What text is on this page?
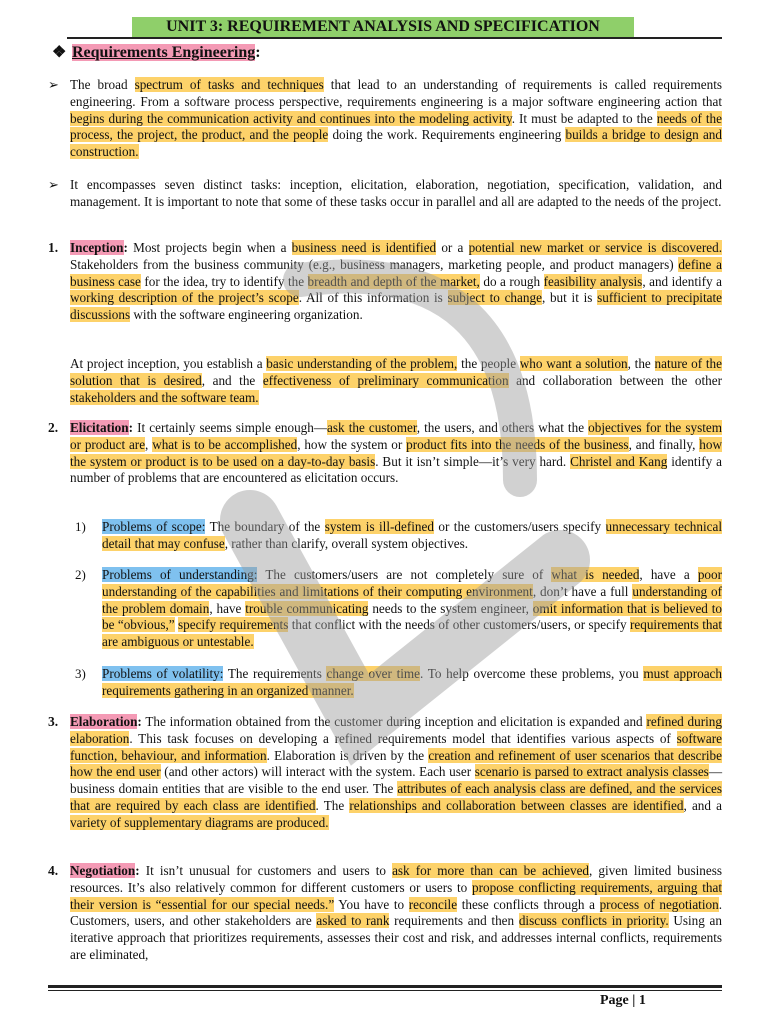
UNIT 3: REQUIREMENT ANALYSIS AND SPECIFICATION
❖ Requirements Engineering:
➢ The broad spectrum of tasks and techniques that lead to an understanding of requirements is called requirements engineering. From a software process perspective, requirements engineering is a major software engineering action that begins during the communication activity and continues into the modeling activity. It must be adapted to the needs of the process, the project, the product, and the people doing the work. Requirements engineering builds a bridge to design and construction.
➢ It encompasses seven distinct tasks: inception, elicitation, elaboration, negotiation, specification, validation, and management. It is important to note that some of these tasks occur in parallel and all are adapted to the needs of the project.
1. Inception: Most projects begin when a business need is identified or a potential new market or service is discovered. Stakeholders from the business community (e.g., business managers, marketing people, and product managers) define a business case for the idea, try to identify the breadth and depth of the market, do a rough feasibility analysis, and identify a working description of the project’s scope. All of this information is subject to change, but it is sufficient to precipitate discussions with the software engineering organization.
At project inception, you establish a basic understanding of the problem, the people who want a solution, the nature of the solution that is desired, and the effectiveness of preliminary communication and collaboration between the other stakeholders and the software team.
2. Elicitation: It certainly seems simple enough—ask the customer, the users, and others what the objectives for the system or product are, what is to be accomplished, how the system or product fits into the needs of the business, and finally, how the system or product is to be used on a day-to-day basis. But it isn’t simple—it’s very hard. Christel and Kang identify a number of problems that are encountered as elicitation occurs.
1) Problems of scope: The boundary of the system is ill-defined or the customers/users specify unnecessary technical detail that may confuse, rather than clarify, overall system objectives.
2) Problems of understanding: The customers/users are not completely sure of what is needed, have a poor understanding of the capabilities and limitations of their computing environment, don’t have a full understanding of the problem domain, have trouble communicating needs to the system engineer, omit information that is believed to be “obvious,” specify requirements that conflict with the needs of other customers/users, or specify requirements that are ambiguous or untestable.
3) Problems of volatility: The requirements change over time. To help overcome these problems, you must approach requirements gathering in an organized manner.
3. Elaboration: The information obtained from the customer during inception and elicitation is expanded and refined during elaboration. This task focuses on developing a refined requirements model that identifies various aspects of software function, behaviour, and information. Elaboration is driven by the creation and refinement of user scenarios that describe how the end user (and other actors) will interact with the system. Each user scenario is parsed to extract analysis classes—business domain entities that are visible to the end user. The attributes of each analysis class are defined, and the services that are required by each class are identified. The relationships and collaboration between classes are identified, and a variety of supplementary diagrams are produced.
4. Negotiation: It isn’t unusual for customers and users to ask for more than can be achieved, given limited business resources. It’s also relatively common for different customers or users to propose conflicting requirements, arguing that their version is “essential for our special needs.” You have to reconcile these conflicts through a process of negotiation. Customers, users, and other stakeholders are asked to rank requirements and then discuss conflicts in priority. Using an iterative approach that prioritizes requirements, assesses their cost and risk, and addresses internal conflicts, requirements are eliminated,
Page | 1
